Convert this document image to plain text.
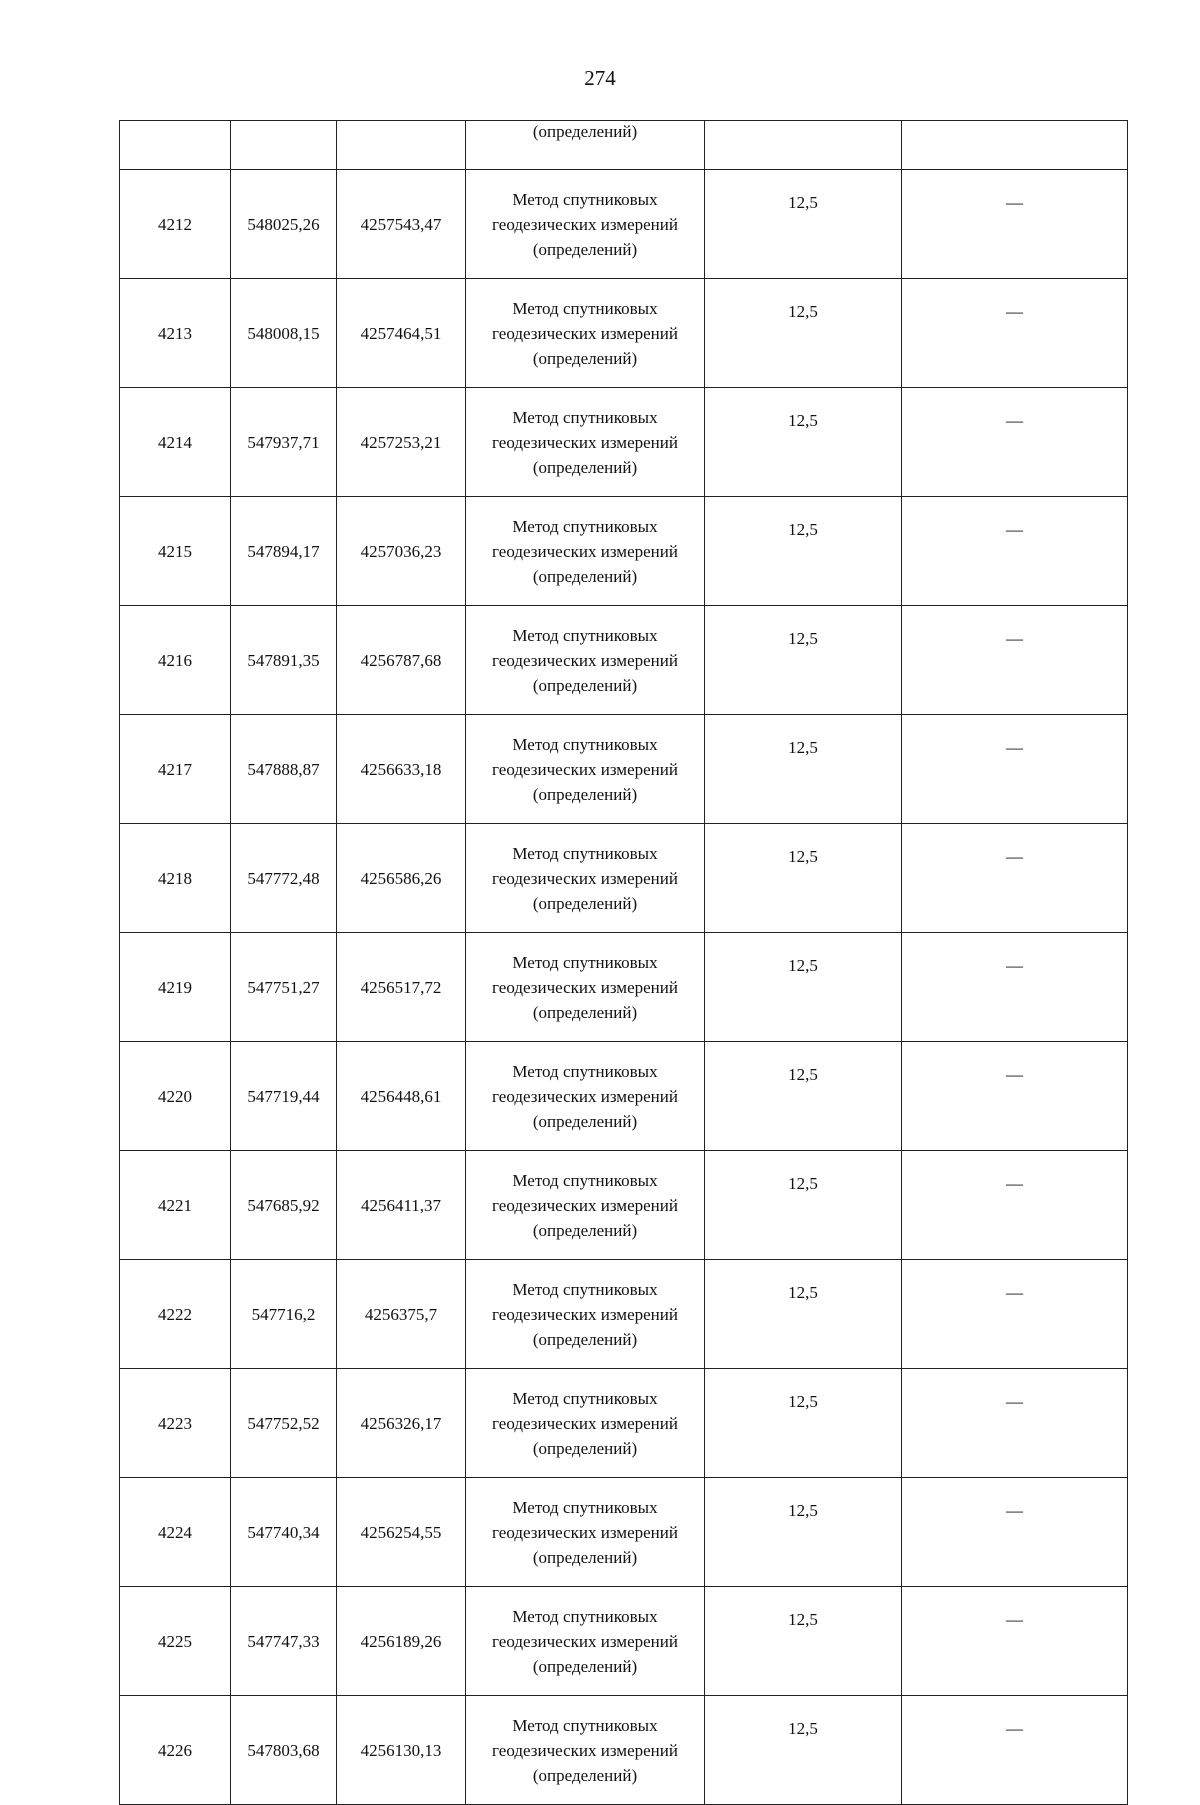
274
			(определений)		
4212	548025,26	4257543,47	Метод спутниковых
геодезических измерений
(определений)	12,5	—
4213	548008,15	4257464,51	Метод спутниковых
геодезических измерений
(определений)	12,5	—
4214	547937,71	4257253,21	Метод спутниковых
геодезических измерений
(определений)	12,5	—
4215	547894,17	4257036,23	Метод спутниковых
геодезических измерений
(определений)	12,5	—
4216	547891,35	4256787,68	Метод спутниковых
геодезических измерений
(определений)	12,5	—
4217	547888,87	4256633,18	Метод спутниковых
геодезических измерений
(определений)	12,5	—
4218	547772,48	4256586,26	Метод спутниковых
геодезических измерений
(определений)	12,5	—
4219	547751,27	4256517,72	Метод спутниковых
геодезических измерений
(определений)	12,5	—
4220	547719,44	4256448,61	Метод спутниковых
геодезических измерений
(определений)	12,5	—
4221	547685,92	4256411,37	Метод спутниковых
геодезических измерений
(определений)	12,5	—
4222	547716,2	4256375,7	Метод спутниковых
геодезических измерений
(определений)	12,5	—
4223	547752,52	4256326,17	Метод спутниковых
геодезических измерений
(определений)	12,5	—
4224	547740,34	4256254,55	Метод спутниковых
геодезических измерений
(определений)	12,5	—
4225	547747,33	4256189,26	Метод спутниковых
геодезических измерений
(определений)	12,5	—
4226	547803,68	4256130,13	Метод спутниковых
геодезических измерений
(определений)	12,5	—
